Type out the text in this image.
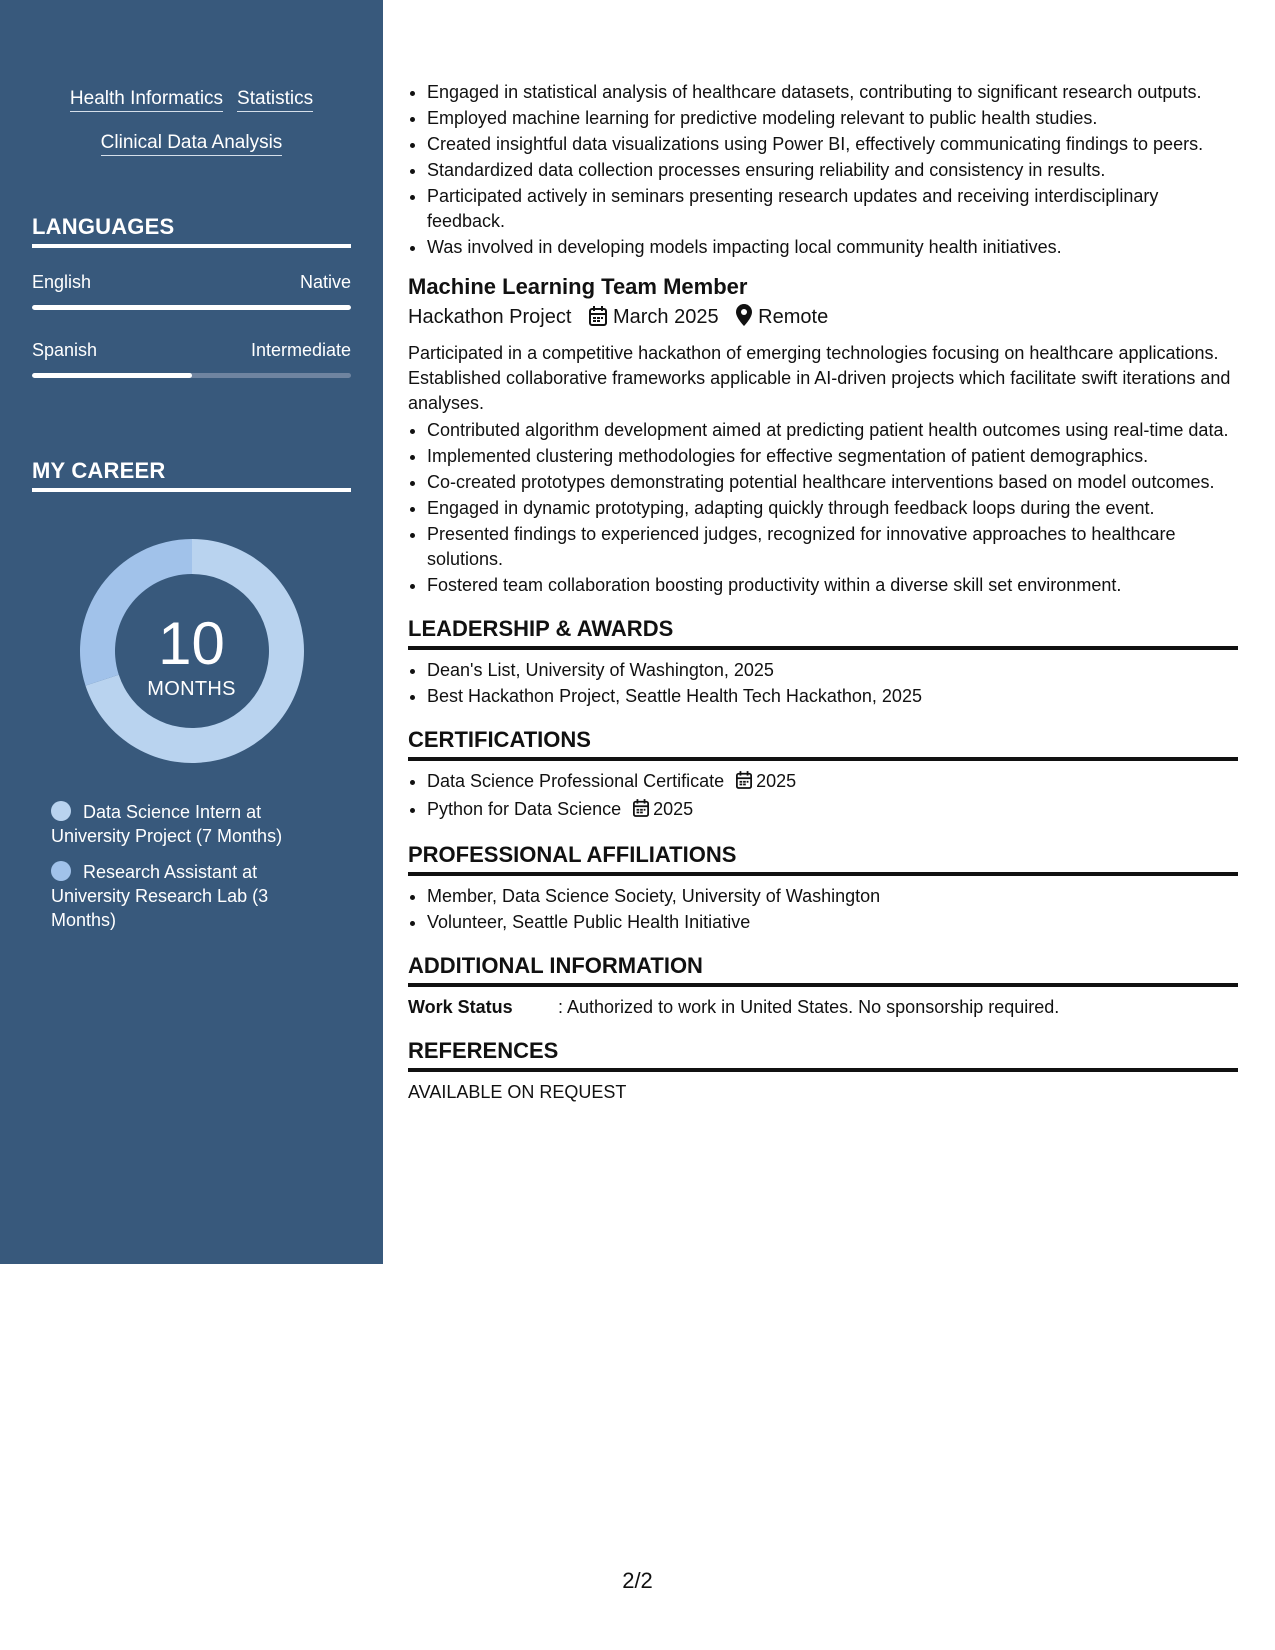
Health Informatics Statistics
Clinical Data Analysis
LANGUAGES
English	Native
Spanish	Intermediate
MY CAREER
10
MONTHS
Data Science Intern at University Project (7 Months)
Research Assistant at University Research Lab (3 Months)
• Engaged in statistical analysis of healthcare datasets, contributing to significant research outputs.
• Employed machine learning for predictive modeling relevant to public health studies.
• Created insightful data visualizations using Power BI, effectively communicating findings to peers.
• Standardized data collection processes ensuring reliability and consistency in results.
• Participated actively in seminars presenting research updates and receiving interdisciplinary feedback.
• Was involved in developing models impacting local community health initiatives.
Machine Learning Team Member
Hackathon Project March 2025 Remote
Participated in a competitive hackathon of emerging technologies focusing on healthcare applications. Established collaborative frameworks applicable in AI-driven projects which facilitate swift iterations and analyses.
• Contributed algorithm development aimed at predicting patient health outcomes using real-time data.
• Implemented clustering methodologies for effective segmentation of patient demographics.
• Co-created prototypes demonstrating potential healthcare interventions based on model outcomes.
• Engaged in dynamic prototyping, adapting quickly through feedback loops during the event.
• Presented findings to experienced judges, recognized for innovative approaches to healthcare solutions.
• Fostered team collaboration boosting productivity within a diverse skill set environment.
LEADERSHIP & AWARDS
• Dean's List, University of Washington, 2025
• Best Hackathon Project, Seattle Health Tech Hackathon, 2025
CERTIFICATIONS
• Data Science Professional Certificate 2025
• Python for Data Science 2025
PROFESSIONAL AFFILIATIONS
• Member, Data Science Society, University of Washington
• Volunteer, Seattle Public Health Initiative
ADDITIONAL INFORMATION
Work Status	: Authorized to work in United States. No sponsorship required.
REFERENCES
AVAILABLE ON REQUEST
2/2
